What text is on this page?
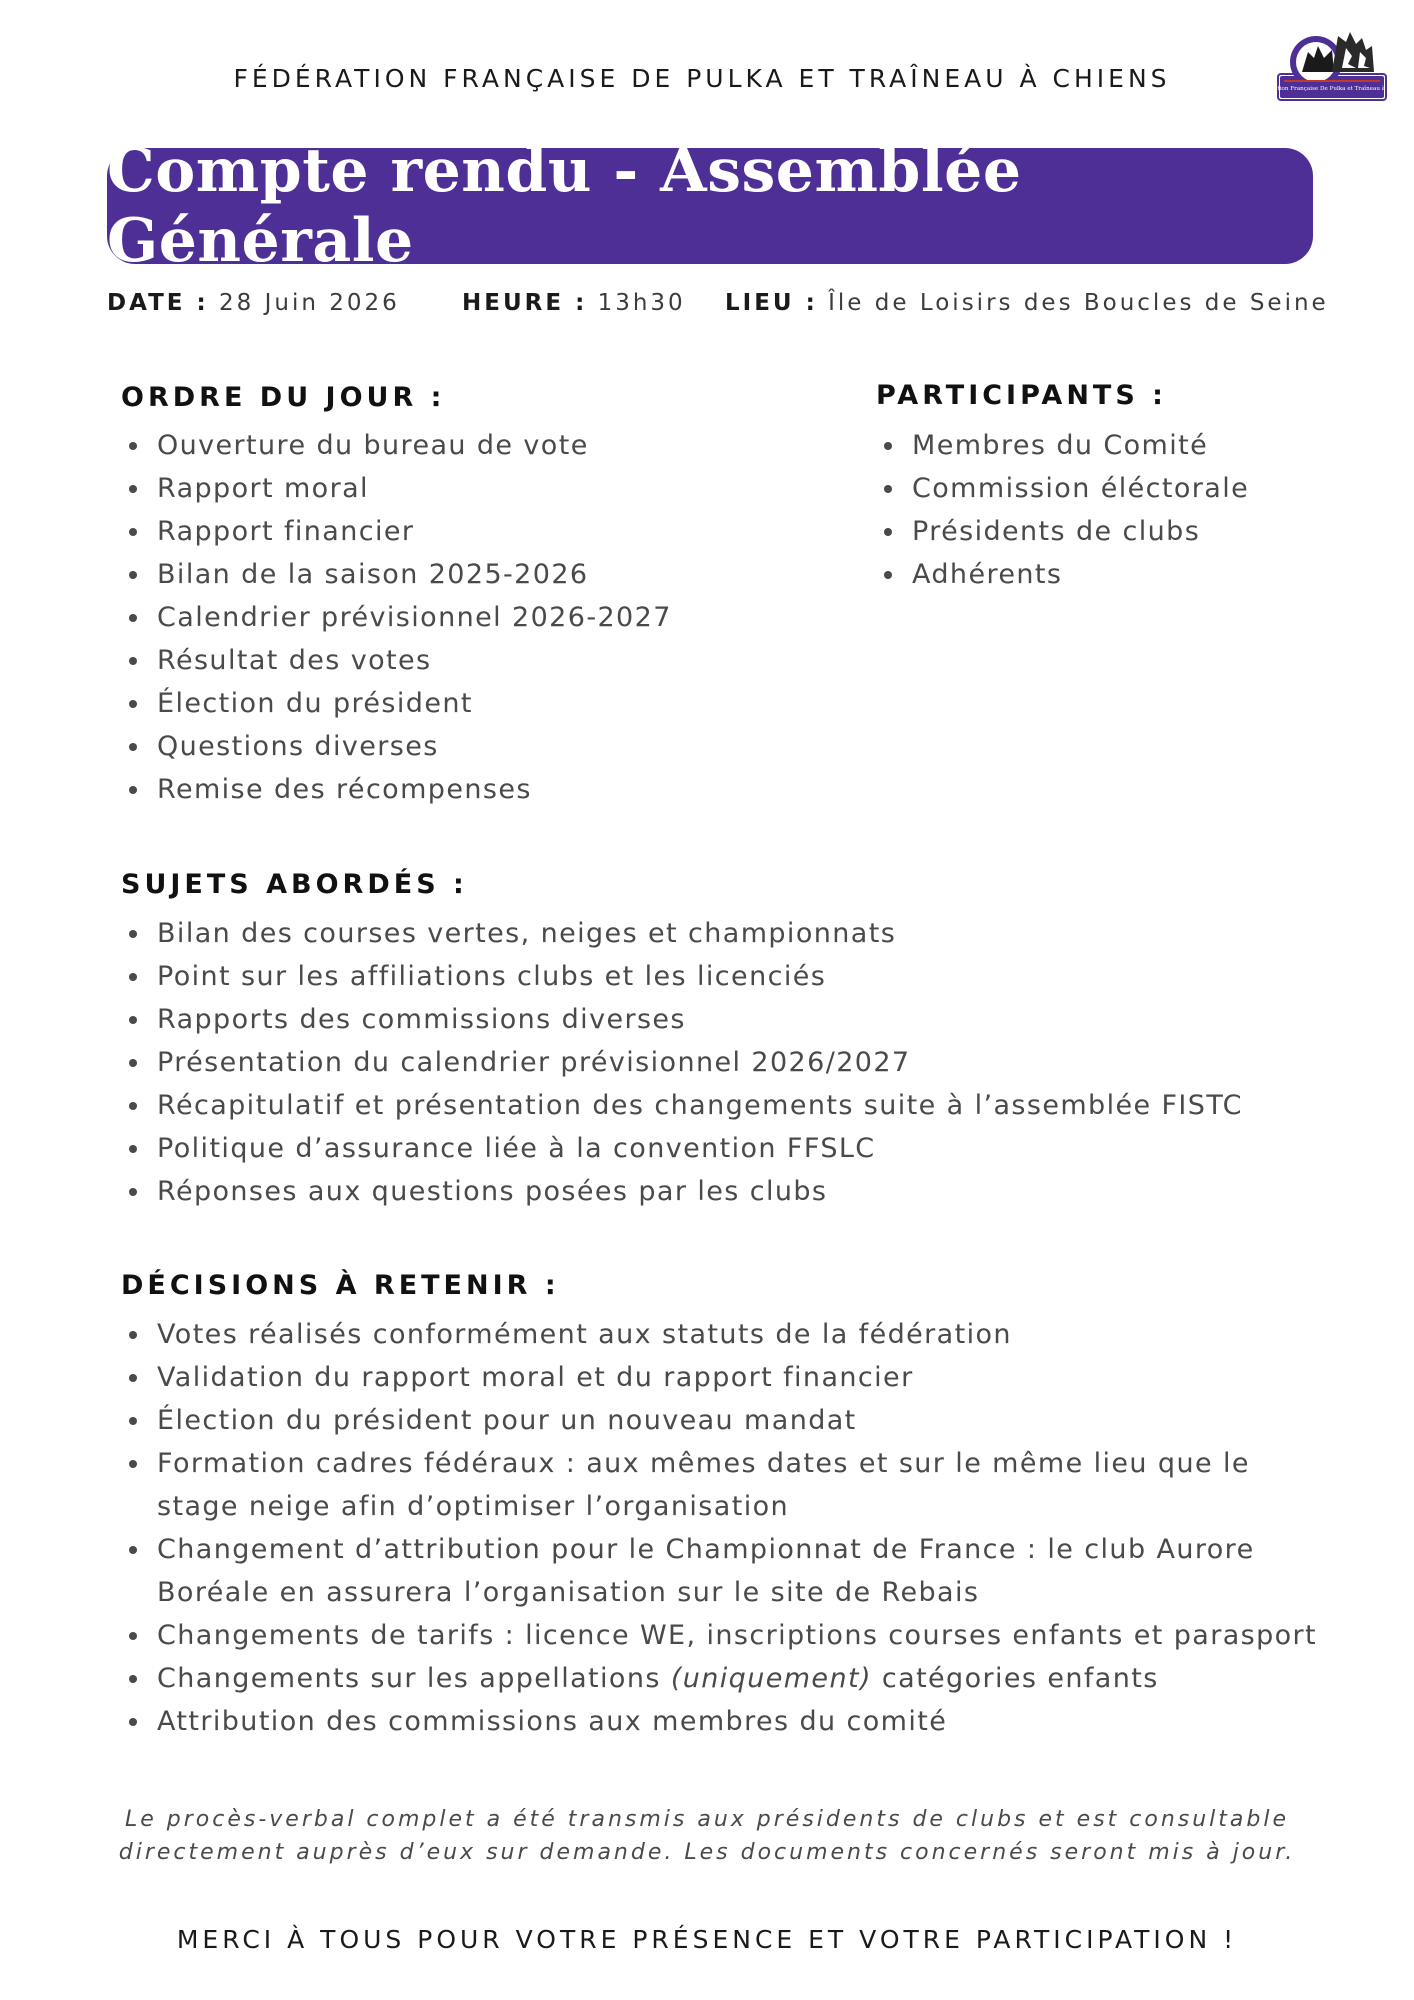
FÉDÉRATION FRANÇAISE DE PULKA ET TRAÎNEAU À CHIENS	Fédération Française De Pulka et Traîneau à Chiens
Compte rendu - Assemblée Générale
DATE : 28 Juin 2026	HEURE : 13h30 LIEU : Île de Loisirs des Boucles de Seine
ORDRE DU JOUR :
Ouverture du bureau de vote
Rapport moral
Rapport financier
Bilan de la saison 2025-2026
Calendrier prévisionnel 2026-2027
Résultat des votes
Élection du président
Questions diverses
Remise des récompenses
PARTICIPANTS :
Membres du Comité
Commission éléctorale
Présidents de clubs
Adhérents
SUJETS ABORDÉS :
Bilan des courses vertes, neiges et championnats
Point sur les affiliations clubs et les licenciés
Rapports des commissions diverses
Présentation du calendrier prévisionnel 2026/2027
Récapitulatif et présentation des changements suite à l’assemblée FISTC
Politique d’assurance liée à la convention FFSLC
Réponses aux questions posées par les clubs
DÉCISIONS À RETENIR :
Votes réalisés conformément aux statuts de la fédération
Validation du rapport moral et du rapport financier
Élection du président pour un nouveau mandat
Formation cadres fédéraux : aux mêmes dates et sur le même lieu que le stage neige afin d’optimiser l’organisation
Changement d’attribution pour le Championnat de France : le club Aurore Boréale en assurera l’organisation sur le site de Rebais
Changements de tarifs : licence WE, inscriptions courses enfants et parasport
Changements sur les appellations (uniquement) catégories enfants
Attribution des commissions aux membres du comité

Le procès-verbal complet a été transmis aux présidents de clubs et est consultable directement auprès d’eux sur demande. Les documents concernés seront mis à jour.

MERCI À TOUS POUR VOTRE PRÉSENCE ET VOTRE PARTICIPATION !
